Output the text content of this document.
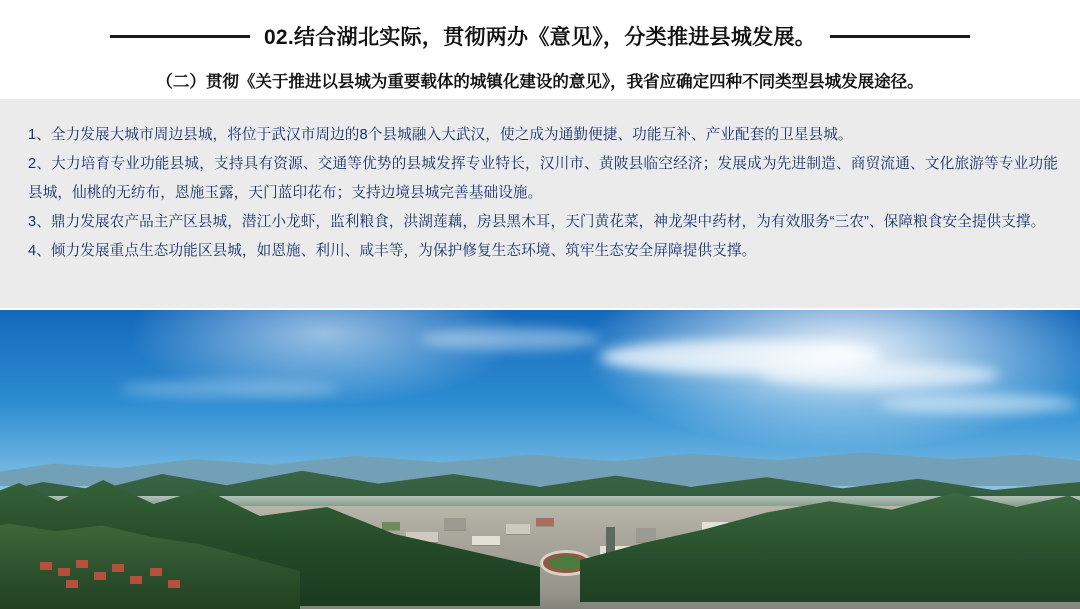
02.结合湖北实际，贯彻两办《意见》，分类推进县城发展。
（二）贯彻《关于推进以县城为重要载体的城镇化建设的意见》，我省应确定四种不同类型县城发展途径。

1、全力发展大城市周边县城，将位于武汉市周边的8个县城融入大武汉，使之成为通勤便捷、功能互补、产业配套的卫星县城。

2、大力培育专业功能县城，支持具有资源、交通等优势的县城发挥专业特长，汉川市、黄陂县临空经济；发展成为先进制造、商贸流通、文化旅游等专业功能县城，仙桃的无纺布，恩施玉露，天门蓝印花布；支持边境县城完善基础设施。

3、鼎力发展农产品主产区县城，潜江小龙虾，监利粮食，洪湖莲藕，房县黑木耳，天门黄花菜，神龙架中药材，为有效服务“三农”、保障粮食安全提供支撑。

4、倾力发展重点生态功能区县城，如恩施、利川、咸丰等，为保护修复生态环境、筑牢生态安全屏障提供支撑。
